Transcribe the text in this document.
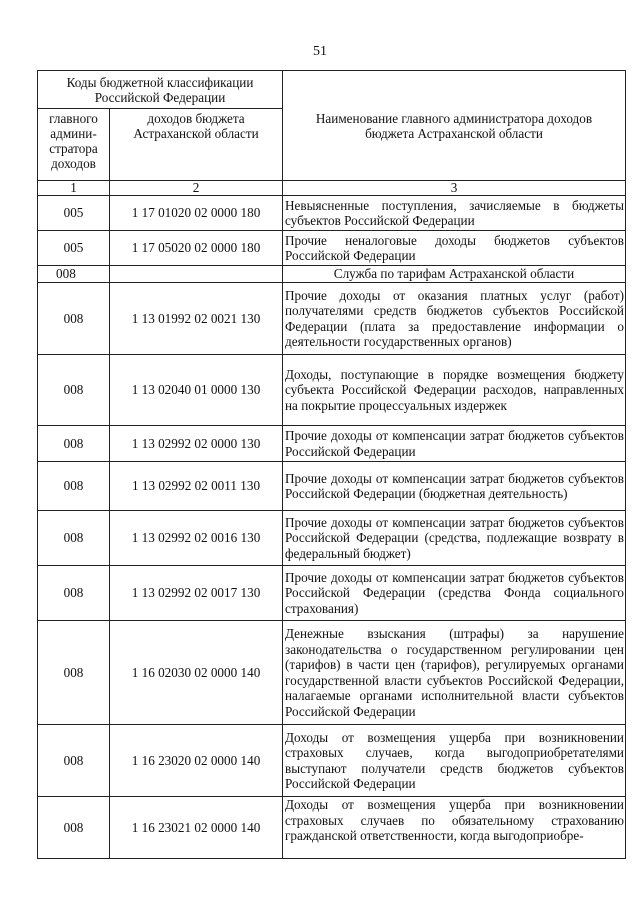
51
Коды бюджетной классификации Российской Федерации		Наименование главного администратора доходов бюджета Астраханской области
главного админи-стратора доходов	доходов бюджета Астраханской области	
1	2	3
005	1 17 01020 02 0000 180	Невыясненные поступления, зачисляемые в бюджеты субъектов Российской Федерации
005	1 17 05020 02 0000 180	Прочие неналоговые доходы бюджетов субъектов Российской Федерации
008		Служба по тарифам Астраханской области
008	1 13 01992 02 0021 130	Прочие доходы от оказания платных услуг (работ) получателями средств бюджетов субъектов Российской Федерации (плата за предоставление информации о деятельности государственных органов)
008	1 13 02040 01 0000 130	Доходы, поступающие в порядке возмещения бюджету субъекта Российской Федерации расходов, направленных на покрытие процессуальных издержек
008	1 13 02992 02 0000 130	Прочие доходы от компенсации затрат бюджетов субъектов Российской Федерации
008	1 13 02992 02 0011 130	Прочие доходы от компенсации затрат бюджетов субъектов Российской Федерации (бюджетная деятельность)
008	1 13 02992 02 0016 130	Прочие доходы от компенсации затрат бюджетов субъектов Российской Федерации (средства, подлежащие возврату в федеральный бюджет)
008	1 13 02992 02 0017 130	Прочие доходы от компенсации затрат бюджетов субъектов Российской Федерации (средства Фонда социального страхования)
008	1 16 02030 02 0000 140	Денежные взыскания (штрафы) за нарушение законодательства о государственном регулировании цен (тарифов) в части цен (тарифов), регулируемых органами государственной власти субъектов Российской Федерации, налагаемые органами исполнительной власти субъектов Российской Федерации
008	1 16 23020 02 0000 140	Доходы от возмещения ущерба при возникновении страховых случаев, когда выгодоприобретателями выступают получатели средств бюджетов субъектов Российской Федерации
008	1 16 23021 02 0000 140	Доходы от возмещения ущерба при возникновении страховых случаев по обязательному страхованию гражданской ответственности, когда выгодоприобре-
